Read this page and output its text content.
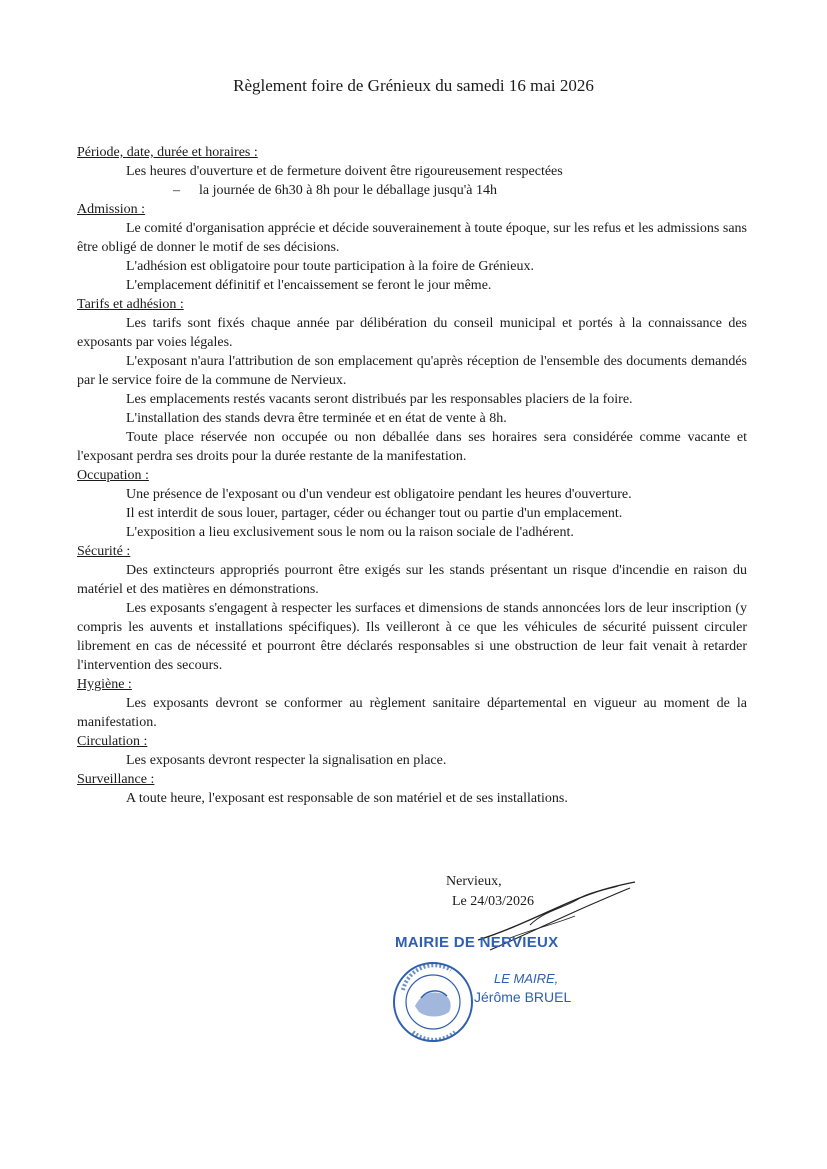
Règlement foire de Grénieux du samedi 16 mai 2026

Période, date, durée et horaires :

Les heures d'ouverture et de fermeture doivent être rigoureusement respectées

– la journée de 6h30 à 8h pour le déballage jusqu'à 14h

Admission :

Le comité d'organisation apprécie et décide souverainement à toute époque, sur les refus et les admissions sans être obligé de donner le motif de ses décisions.

L'adhésion est obligatoire pour toute participation à la foire de Grénieux.

L'emplacement définitif et l'encaissement se feront le jour même.

Tarifs et adhésion :

Les tarifs sont fixés chaque année par délibération du conseil municipal et portés à la connaissance des exposants par voies légales.

L'exposant n'aura l'attribution de son emplacement qu'après réception de l'ensemble des documents demandés par le service foire de la commune de Nervieux.

Les emplacements restés vacants seront distribués par les responsables placiers de la foire.

L'installation des stands devra être terminée et en état de vente à 8h.

Toute place réservée non occupée ou non déballée dans ses horaires sera considérée comme vacante et l'exposant perdra ses droits pour la durée restante de la manifestation.

Occupation :

Une présence de l'exposant ou d'un vendeur est obligatoire pendant les heures d'ouverture.

Il est interdit de sous louer, partager, céder ou échanger tout ou partie d'un emplacement.

L'exposition a lieu exclusivement sous le nom ou la raison sociale de l'adhérent.

Sécurité :

Des extincteurs appropriés pourront être exigés sur les stands présentant un risque d'incendie en raison du matériel et des matières en démonstrations.

Les exposants s'engagent à respecter les surfaces et dimensions de stands annoncées lors de leur inscription (y compris les auvents et installations spécifiques). Ils veilleront à ce que les véhicules de sécurité puissent circuler librement en cas de nécessité et pourront être déclarés responsables si une obstruction de leur fait venait à retarder l'intervention des secours.

Hygiène :

Les exposants devront se conformer au règlement sanitaire départemental en vigueur au moment de la manifestation.

Circulation :

Les exposants devront respecter la signalisation en place.

Surveillance :

A toute heure, l'exposant est responsable de son matériel et de ses installations.

Nervieux,
Le 24/03/2026
MAIRIE DE NERVIEUX
LE MAIRE,
Jérôme BRUEL
